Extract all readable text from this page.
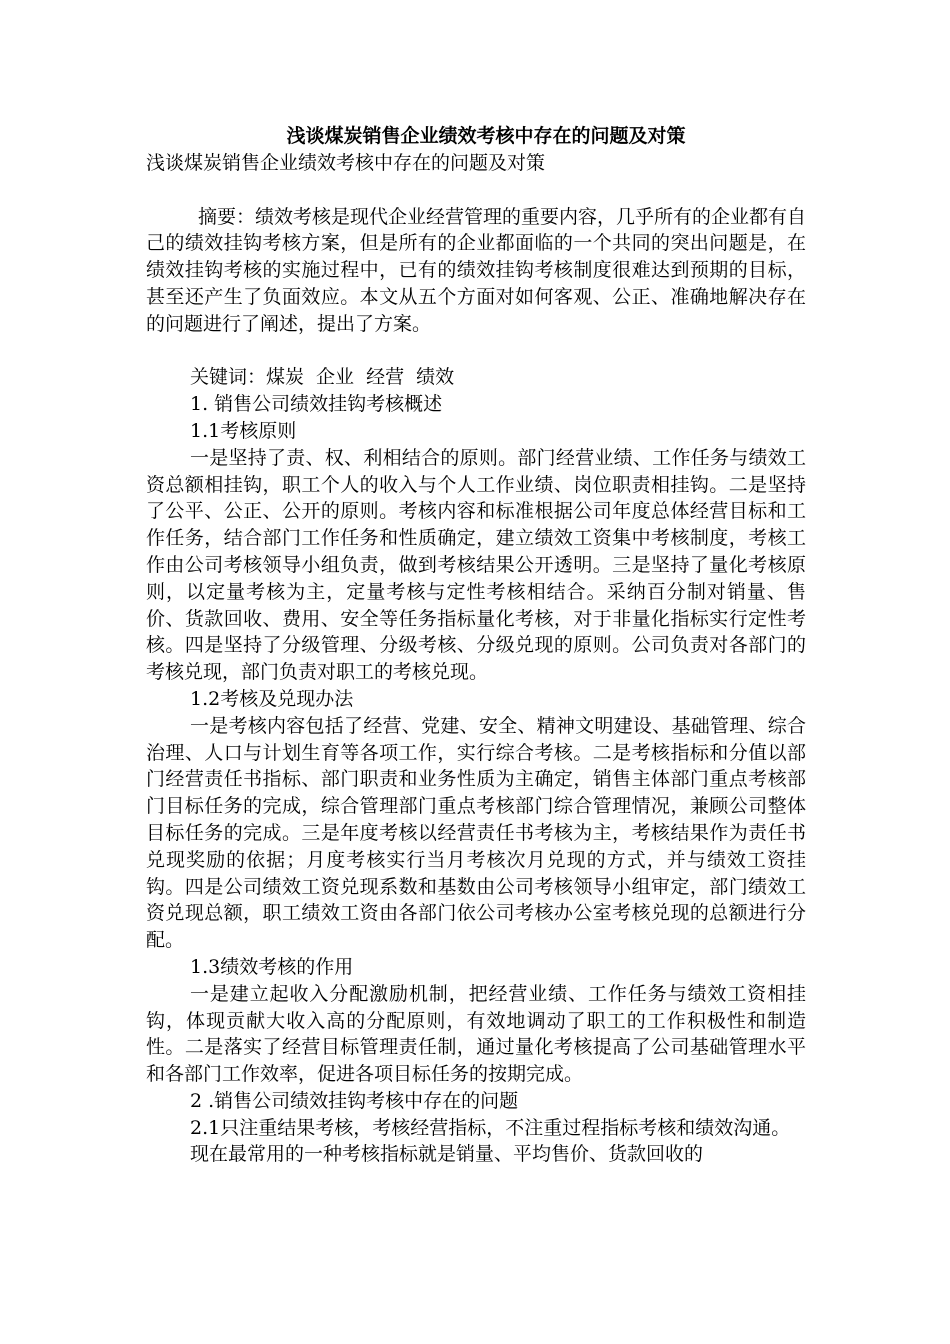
浅谈煤炭销售企业绩效考核中存在的问题及对策
浅谈煤炭销售企业绩效考核中存在的问题及对策

摘要：绩效考核是现代企业经营管理的重要内容，几乎所有的企业都有自己的绩效挂钩考核方案，但是所有的企业都面临的一个共同的突出问题是，在绩效挂钩考核的实施过程中，已有的绩效挂钩考核制度很难达到预期的目标，甚至还产生了负面效应。本文从五个方面对如何客观、公正、准确地解决存在的问题进行了阐述，提出了方案。

关键词：煤炭 企业 经营 绩效

1. 销售公司绩效挂钩考核概述

1.1考核原则

一是坚持了责、权、利相结合的原则。部门经营业绩、工作任务与绩效工资总额相挂钩，职工个人的收入与个人工作业绩、岗位职责相挂钩。二是坚持了公平、公正、公开的原则。考核内容和标准根据公司年度总体经营目标和工作任务，结合部门工作任务和性质确定，建立绩效工资集中考核制度，考核工作由公司考核领导小组负责，做到考核结果公开透明。三是坚持了量化考核原则，以定量考核为主，定量考核与定性考核相结合。采纳百分制对销量、售价、货款回收、费用、安全等任务指标量化考核，对于非量化指标实行定性考核。四是坚持了分级管理、分级考核、分级兑现的原则。公司负责对各部门的考核兑现，部门负责对职工的考核兑现。

1.2考核及兑现办法

一是考核内容包括了经营、党建、安全、精神文明建设、基础管理、综合治理、人口与计划生育等各项工作，实行综合考核。二是考核指标和分值以部门经营责任书指标、部门职责和业务性质为主确定，销售主体部门重点考核部门目标任务的完成，综合管理部门重点考核部门综合管理情况，兼顾公司整体目标任务的完成。三是年度考核以经营责任书考核为主，考核结果作为责任书兑现奖励的依据；月度考核实行当月考核次月兑现的方式，并与绩效工资挂钩。四是公司绩效工资兑现系数和基数由公司考核领导小组审定，部门绩效工资兑现总额，职工绩效工资由各部门依公司考核办公室考核兑现的总额进行分配。

1.3绩效考核的作用

一是建立起收入分配激励机制，把经营业绩、工作任务与绩效工资相挂钩，体现贡献大收入高的分配原则，有效地调动了职工的工作积极性和制造性。二是落实了经营目标管理责任制，通过量化考核提高了公司基础管理水平和各部门工作效率，促进各项目标任务的按期完成。

2 .销售公司绩效挂钩考核中存在的问题

2.1只注重结果考核，考核经营指标，不注重过程指标考核和绩效沟通。

现在最常用的一种考核指标就是销量、平均售价、货款回收的
